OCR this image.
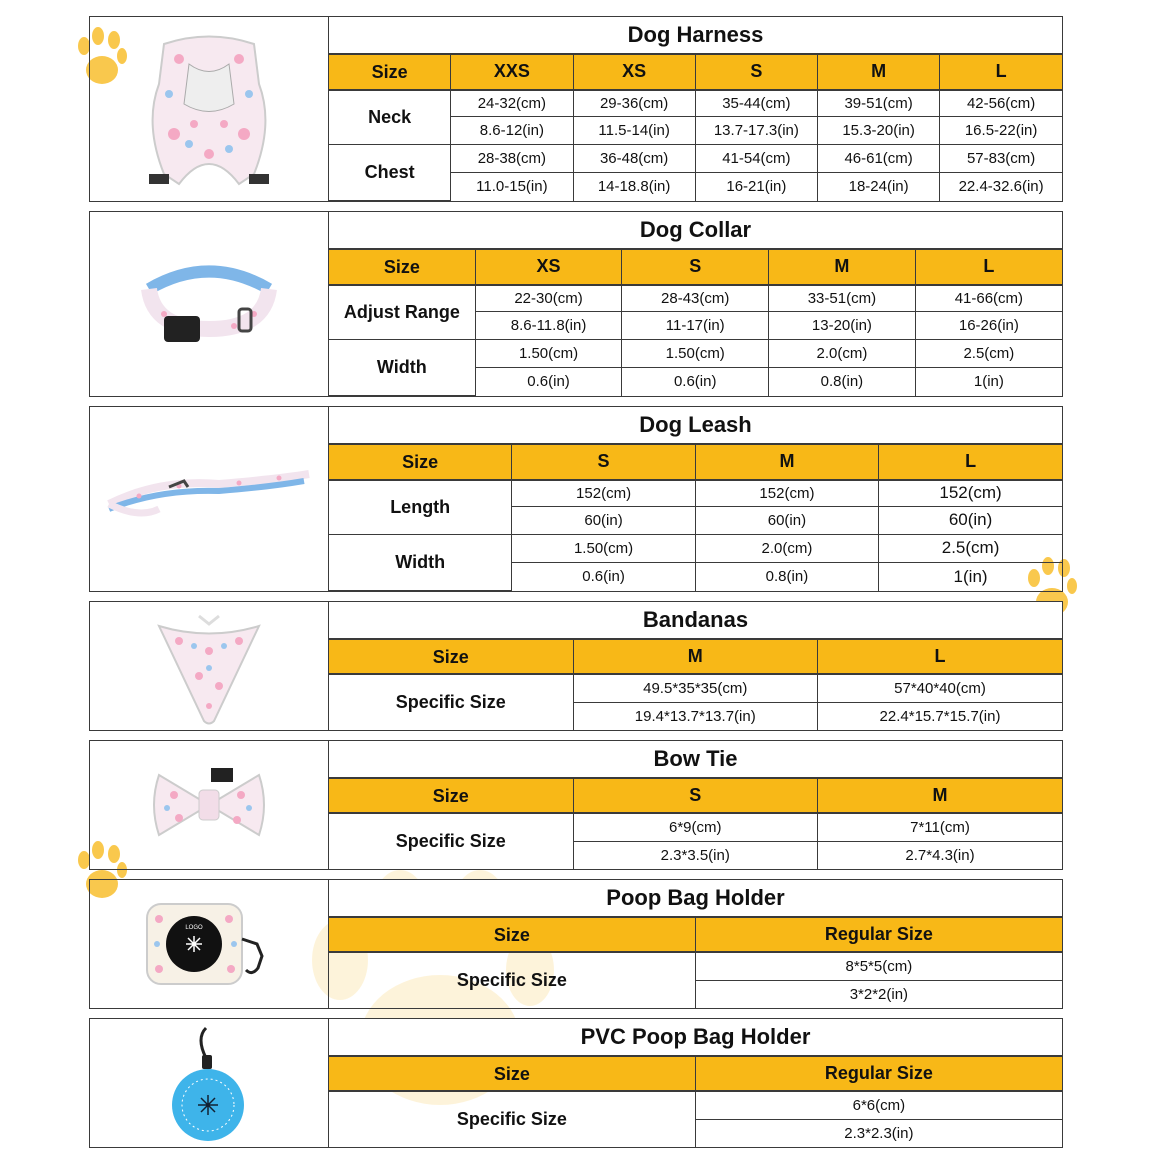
Dog Harness					
Size	XXS	XS	S	M	L
Neck	24-32(cm)	29-36(cm)	35-44(cm)	39-51(cm)	42-56(cm)
	8.6-12(in)	11.5-14(in)	13.7-17.3(in)	15.3-20(in)	16.5-22(in)
Chest	28-38(cm)	36-48(cm)	41-54(cm)	46-61(cm)	57-83(cm)
	11.0-15(in)	14-18.8(in)	16-21(in)	18-24(in)	22.4-32.6(in)
Dog Collar				
Size	XS	S	M	L
Adjust Range	22-30(cm)	28-43(cm)	33-51(cm)	41-66(cm)
	8.6-11.8(in)	11-17(in)	13-20(in)	16-26(in)
Width	1.50(cm)	1.50(cm)	2.0(cm)	2.5(cm)
	0.6(in)	0.6(in)	0.8(in)	1(in)
Dog Leash			
Size	S	M	L
Length	152(cm)	152(cm)	152(cm)
	60(in)	60(in)	60(in)
Width	1.50(cm)	2.0(cm)	2.5(cm)
	0.6(in)	0.8(in)	1(in)
Bandanas		
Size	M	L
Specific Size	49.5*35*35(cm)	57*40*40(cm)
	19.4*13.7*13.7(in)	22.4*15.7*15.7(in)
Bow Tie		
Size	S	M
Specific Size	6*9(cm)	7*11(cm)
	2.3*3.5(in)	2.7*4.3(in)
LOGO
Poop Bag Holder	
Size	Regular Size
Specific Size	8*5*5(cm)
	3*2*2(in)
PVC Poop Bag Holder	
Size	Regular Size
Specific Size	6*6(cm)
	2.3*2.3(in)
